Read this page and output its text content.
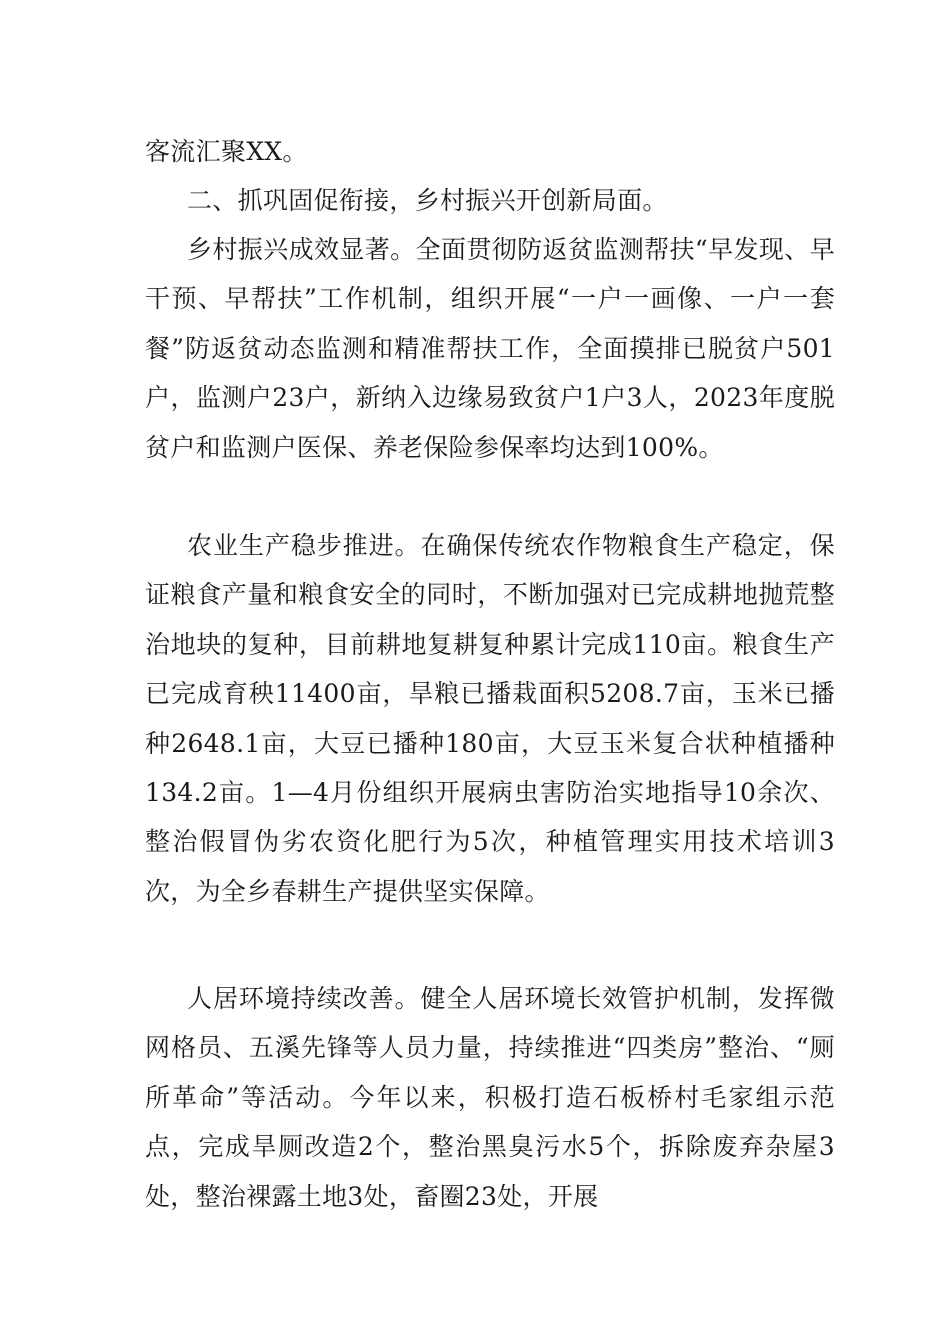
客流汇聚XX。
二、抓巩固促衔接，乡村振兴开创新局面。
乡村振兴成效显著。全面贯彻防返贫监测帮扶“早发现、早干预、早帮扶”工作机制，组织开展“一户一画像、一户一套餐”防返贫动态监测和精准帮扶工作，全面摸排已脱贫户501户，监测户23户，新纳入边缘易致贫户1户3人，2023年度脱贫户和监测户医保、养老保险参保率均达到100%。
农业生产稳步推进。在确保传统农作物粮食生产稳定，保证粮食产量和粮食安全的同时，不断加强对已完成耕地抛荒整治地块的复种，目前耕地复耕复种累计完成110亩。粮食生产已完成育秧11400亩，旱粮已播栽面积5208.7亩，玉米已播种2648.1亩，大豆已播种180亩，大豆玉米复合状种植播种134.2亩。1—4月份组织开展病虫害防治实地指导10余次、整治假冒伪劣农资化肥行为5次，种植管理实用技术培训3次，为全乡春耕生产提供坚实保障。
人居环境持续改善。健全人居环境长效管护机制，发挥微网格员、五溪先锋等人员力量，持续推进“四类房”整治、“厕所革命”等活动。今年以来，积极打造石板桥村毛家组示范点，完成旱厕改造2个，整治黑臭污水5个，拆除废弃杂屋3处，整治裸露土地3处，畜圈23处，开展
